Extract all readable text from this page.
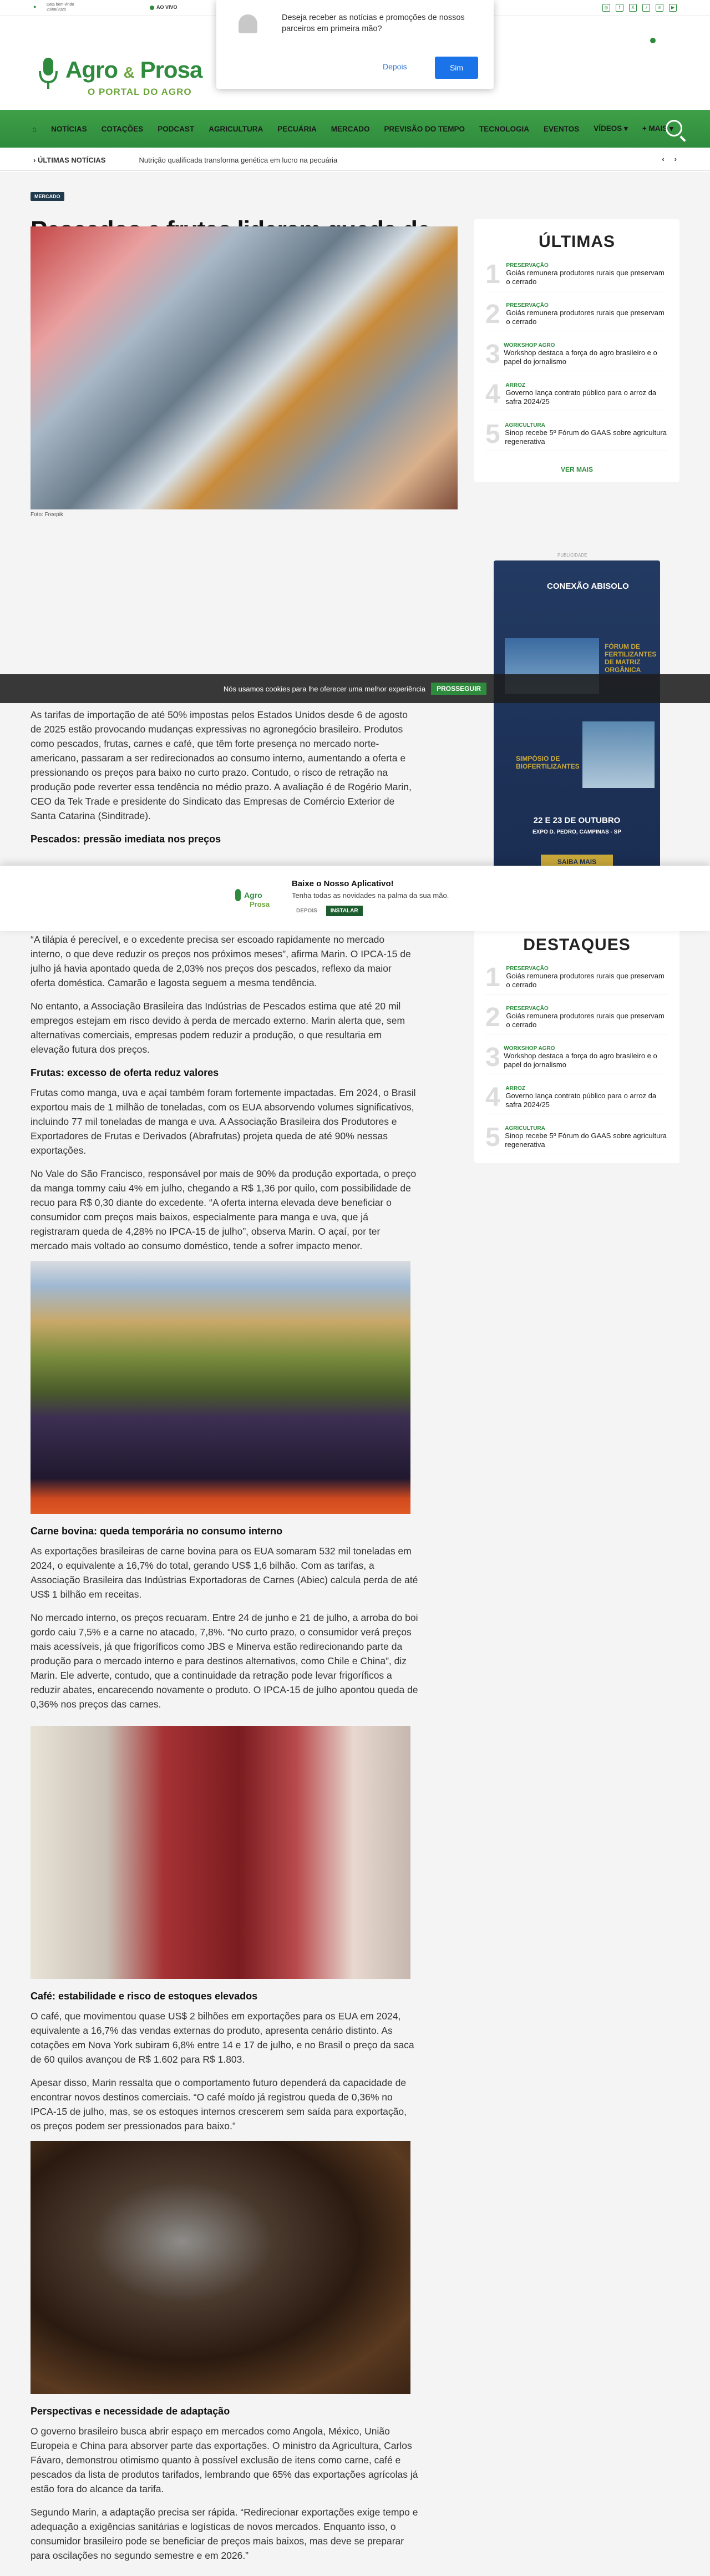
●	Data bem-vindo
20/08/2025	AO VIVO	◎	f	X	♪	in	▶
Agro & Prosa
O PORTAL DO AGRO
⌂ NOTÍCIAS COTAÇÕES PODCAST AGRICULTURA PECUÁRIA MERCADO PREVISÃO DO TEMPO TECNOLOGIA EVENTOS VÍDEOS ▾ + MAIS ▾
› ÚLTIMAS NOTÍCIAS	Nutrição qualificada transforma genética em lucro na pecuária	‹ ›
MERCADO

Foto: Freepik

As tarifas de importação de até 50% impostas pelos Estados Unidos desde 6 de agosto de 2025 estão provocando mudanças expressivas no agronegócio brasileiro. Produtos como pescados, frutas, carnes e café, que têm forte presença no mercado norte-americano, passaram a ser redirecionados ao consumo interno, aumentando a oferta e pressionando os preços para baixo no curto prazo. Contudo, o risco de retração na produção pode reverter essa tendência no médio prazo. A avaliação é de Rogério Marin, CEO da Tek Trade e presidente do Sindicato das Empresas de Comércio Exterior de Santa Catarina (Sinditrade).

Pescados: pressão imediata nos preços

“A tilápia é perecível, e o excedente precisa ser escoado rapidamente no mercado interno, o que deve reduzir os preços nos próximos meses”, afirma Marin. O IPCA-15 de julho já havia apontado queda de 2,03% nos preços dos pescados, reflexo da maior oferta doméstica. Camarão e lagosta seguem a mesma tendência.

No entanto, a Associação Brasileira das Indústrias de Pescados estima que até 20 mil empregos estejam em risco devido à perda de mercado externo. Marin alerta que, sem alternativas comerciais, empresas podem reduzir a produção, o que resultaria em elevação futura dos preços.

Frutas: excesso de oferta reduz valores

Frutas como manga, uva e açaí também foram fortemente impactadas. Em 2024, o Brasil exportou mais de 1 milhão de toneladas, com os EUA absorvendo volumes significativos, incluindo 77 mil toneladas de manga e uva. A Associação Brasileira dos Produtores e Exportadores de Frutas e Derivados (Abrafrutas) projeta queda de até 90% nessas exportações.

No Vale do São Francisco, responsável por mais de 90% da produção exportada, o preço da manga tommy caiu 4% em julho, chegando a R$ 1,36 por quilo, com possibilidade de recuo para R$ 0,30 diante do excedente. “A oferta interna elevada deve beneficiar o consumidor com preços mais baixos, especialmente para manga e uva, que já registraram queda de 4,28% no IPCA-15 de julho”, observa Marin. O açaí, por ter mercado mais voltado ao consumo doméstico, tende a sofrer impacto menor.

Carne bovina: queda temporária no consumo interno

As exportações brasileiras de carne bovina para os EUA somaram 532 mil toneladas em 2024, o equivalente a 16,7% do total, gerando US$ 1,6 bilhão. Com as tarifas, a Associação Brasileira das Indústrias Exportadoras de Carnes (Abiec) calcula perda de até US$ 1 bilhão em receitas.

No mercado interno, os preços recuaram. Entre 24 de junho e 21 de julho, a arroba do boi gordo caiu 7,5% e a carne no atacado, 7,8%. “No curto prazo, o consumidor verá preços mais acessíveis, já que frigoríficos como JBS e Minerva estão redirecionando parte da produção para o mercado interno e para destinos alternativos, como Chile e China”, diz Marin. Ele adverte, contudo, que a continuidade da retração pode levar frigoríficos a reduzir abates, encarecendo novamente o produto. O IPCA-15 de julho apontou queda de 0,36% nos preços das carnes.

Café: estabilidade e risco de estoques elevados

O café, que movimentou quase US$ 2 bilhões em exportações para os EUA em 2024, equivalente a 16,7% das vendas externas do produto, apresenta cenário distinto. As cotações em Nova York subiram 6,8% entre 14 e 17 de julho, e no Brasil o preço da saca de 60 quilos avançou de R$ 1.602 para R$ 1.803.

Apesar disso, Marin ressalta que o comportamento futuro dependerá da capacidade de encontrar novos destinos comerciais. “O café moído já registrou queda de 0,36% no IPCA-15 de julho, mas, se os estoques internos crescerem sem saída para exportação, os preços podem ser pressionados para baixo.”

Perspectivas e necessidade de adaptação

O governo brasileiro busca abrir espaço em mercados como Angola, México, União Europeia e China para absorver parte das exportações. O ministro da Agricultura, Carlos Fávaro, demonstrou otimismo quanto à possível exclusão de itens como carne, café e pescados da lista de produtos tarifados, lembrando que 65% das exportações agrícolas já estão fora do alcance da tarifa.

Segundo Marin, a adaptação precisa ser rápida. “Redirecionar exportações exige tempo e adequação a exigências sanitárias e logísticas de novos mercados. Enquanto isso, o consumidor brasileiro pode se beneficiar de preços mais baixos, mas deve se preparar para oscilações no segundo semestre e em 2026.”

ÚLTIMAS
1	PRESERVAÇÃO
Goiás remunera produtores rurais que preservam o cerrado
2	PRESERVAÇÃO
Goiás remunera produtores rurais que preservam o cerrado
3 WORKSHOP AGRO
Workshop destaca a força do agro brasileiro e o papel do jornalismo
4 ARROZ
Governo lança contrato público para o arroz da safra 2024/25
5 AGRICULTURA
Sinop recebe 5º Fórum do GAAS sobre agricultura regenerativa
VER MAIS
PUBLICIDADE
CONEXÃO ABISOLO
FÓRUM DE FERTILIZANTES DE MATRIZ ORGÂNICA
SIMPÓSIO DE BIOFERTILIZANTES
22 E 23 DE OUTUBRO
EXPO D. PEDRO, CAMPINAS - SP
SAIBA MAIS
DESTAQUES
1	PRESERVAÇÃO
Goiás remunera produtores rurais que preservam o cerrado
2	PRESERVAÇÃO
Goiás remunera produtores rurais que preservam o cerrado
3 WORKSHOP AGRO
Workshop destaca a força do agro brasileiro e o papel do jornalismo
4 ARROZ
Governo lança contrato público para o arroz da safra 2024/25
5 AGRICULTURA
Sinop recebe 5º Fórum do GAAS sobre agricultura regenerativa
Nós usamos cookies para lhe oferecer uma melhor experiência	PROSSEGUIR
Agro
Prosa
Baixe o Nosso Aplicativo!
Tenha todas as novidades na palma da sua mão.
DEPOIS	INSTALAR
Deseja receber as notícias e promoções de nossos parceiros em primeira mão?
Depois	Sim
